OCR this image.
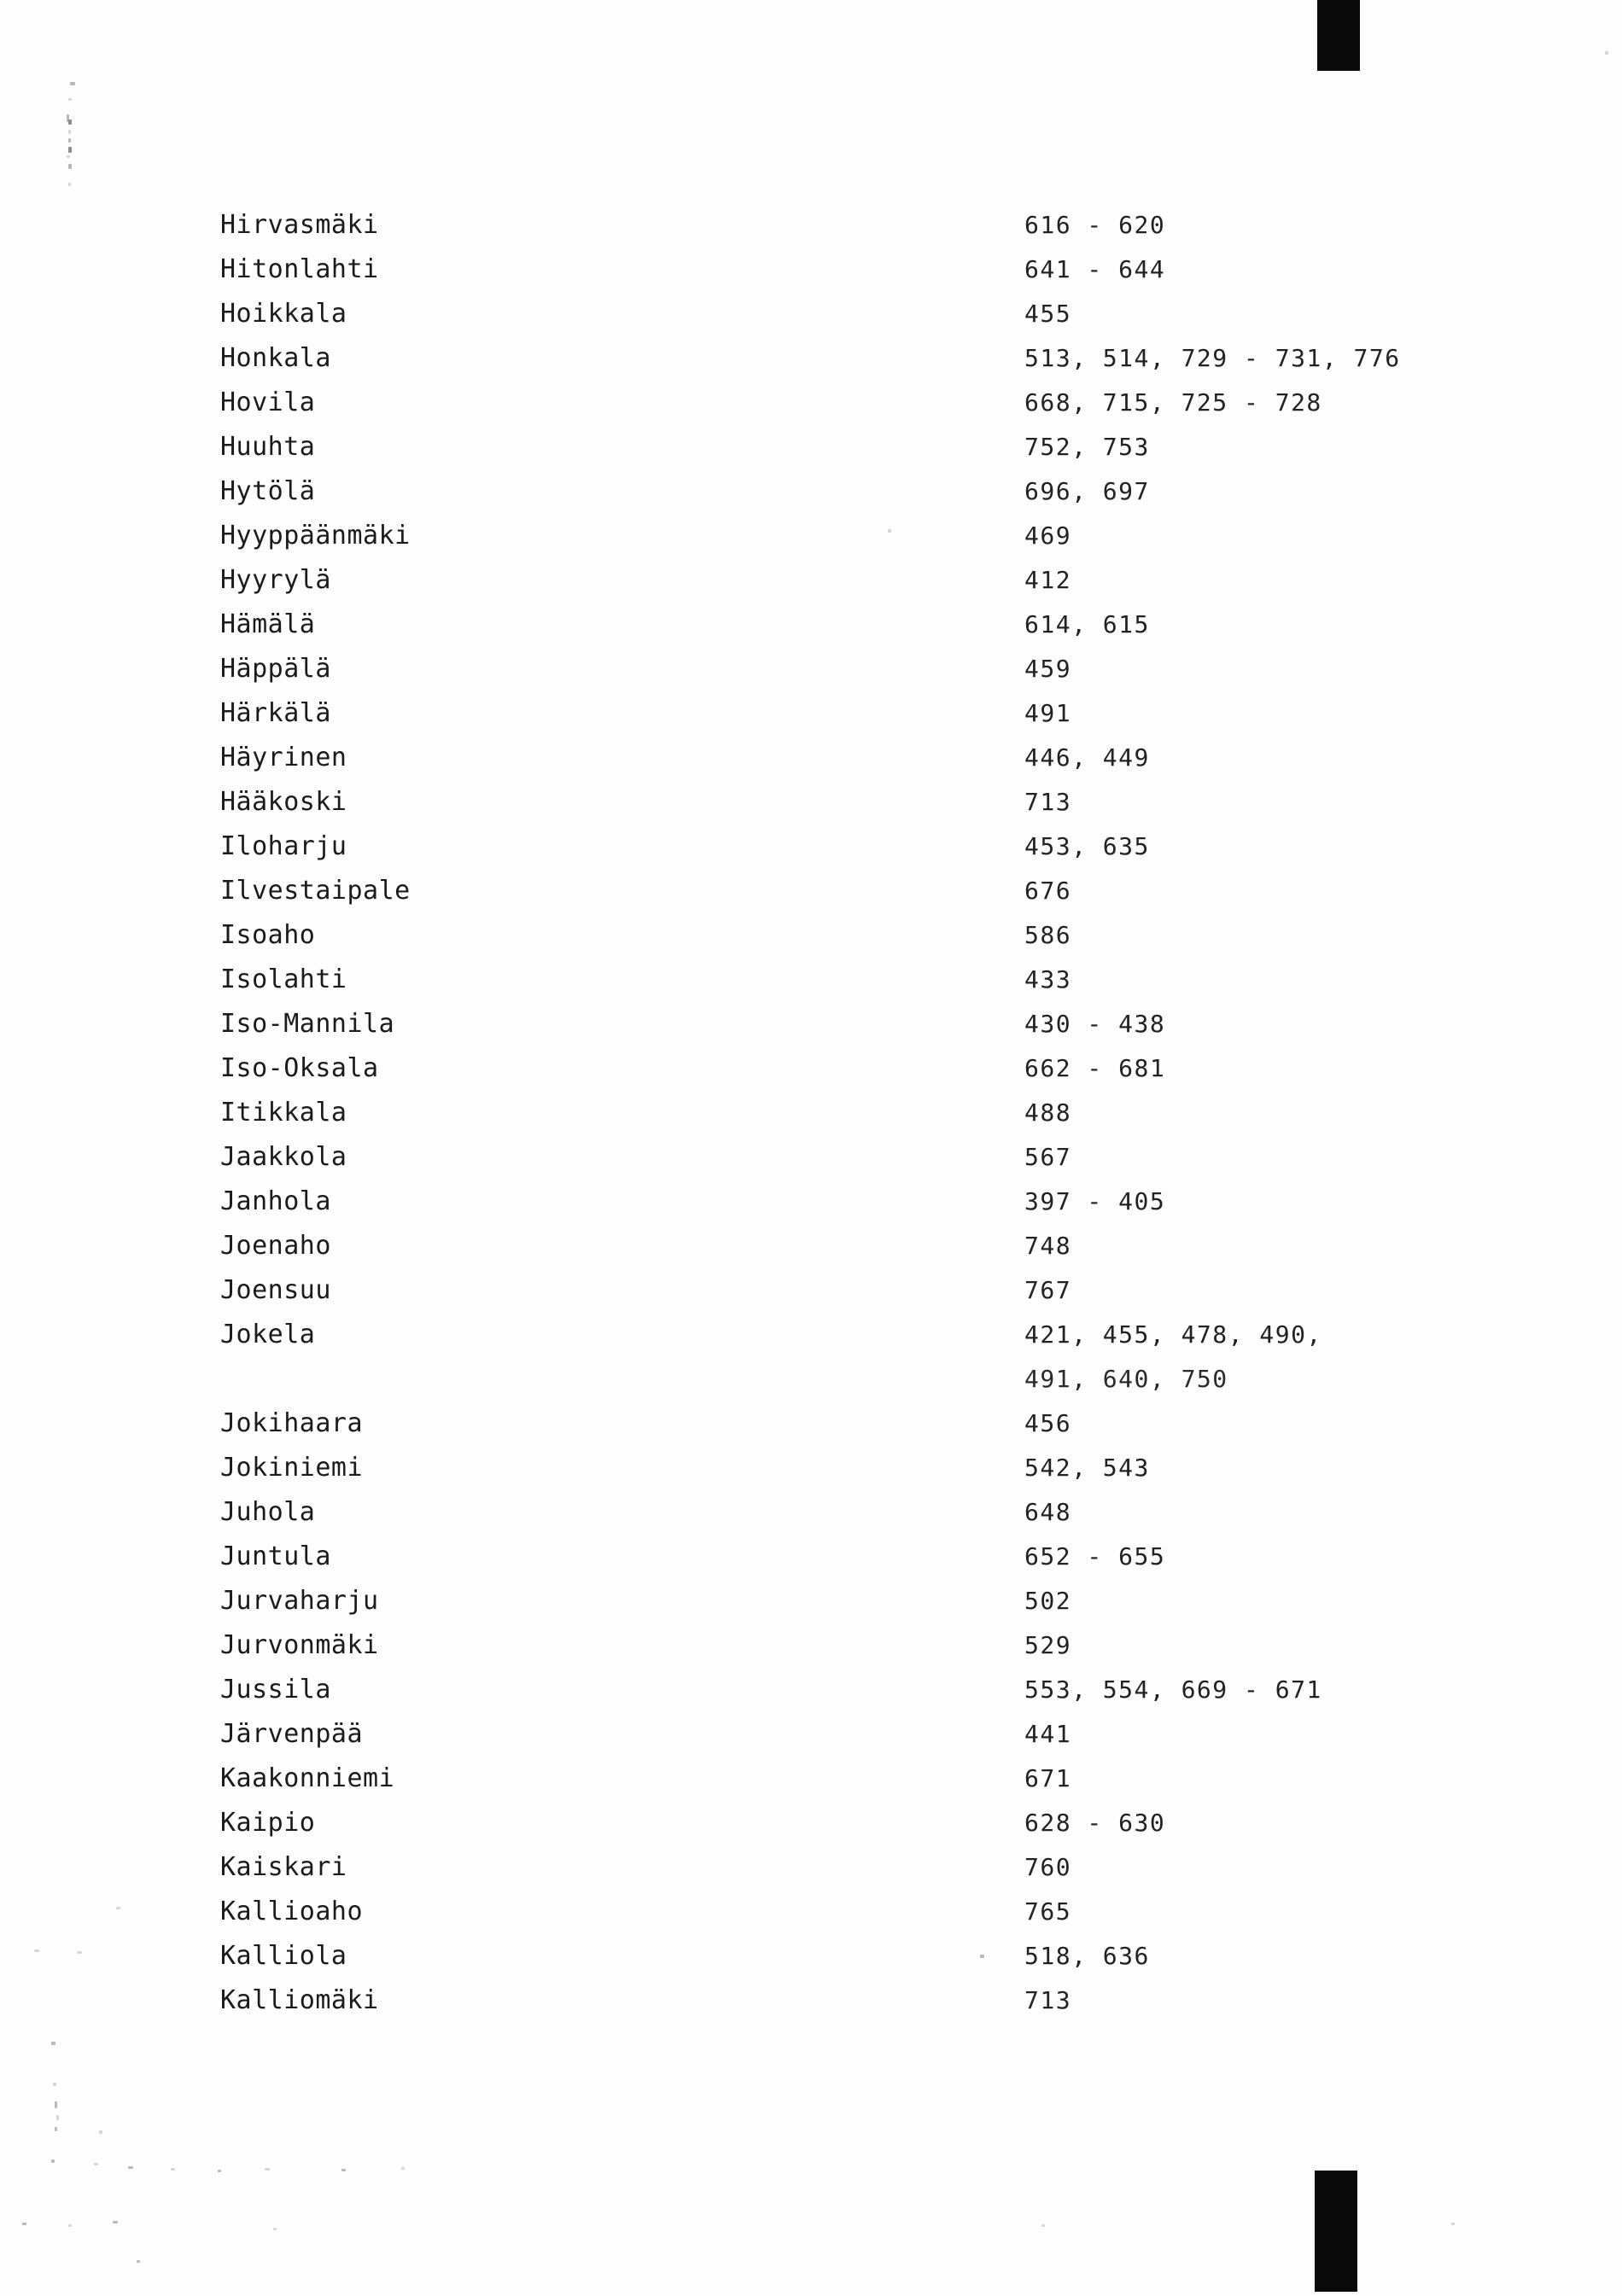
Hirvasmäki	616 - 620
Hitonlahti	641 - 644
Hoikkala	455
Honkala	513, 514, 729 - 731, 776
Hovila	668, 715, 725 - 728
Huuhta	752, 753
Hytölä	696, 697
Hyyppäänmäki	469
Hyyrylä	412
Hämälä	614, 615
Häppälä	459
Härkälä	491
Häyrinen	446, 449
Hääkoski	713
Iloharju	453, 635
Ilvestaipale	676
Isoaho	586
Isolahti	433
Iso-Mannila	430 - 438
Iso-Oksala	662 - 681
Itikkala	488
Jaakkola	567
Janhola	397 - 405
Joenaho	748
Joensuu	767
Jokela	421, 455, 478, 490,
491, 640, 750
Jokihaara	456
Jokiniemi	542, 543
Juhola	648
Juntula	652 - 655
Jurvaharju	502
Jurvonmäki	529
Jussila	553, 554, 669 - 671
Järvenpää	441
Kaakonniemi	671
Kaipio	628 - 630
Kaiskari	760
Kallioaho	765
Kalliola	518, 636
Kalliomäki	713
